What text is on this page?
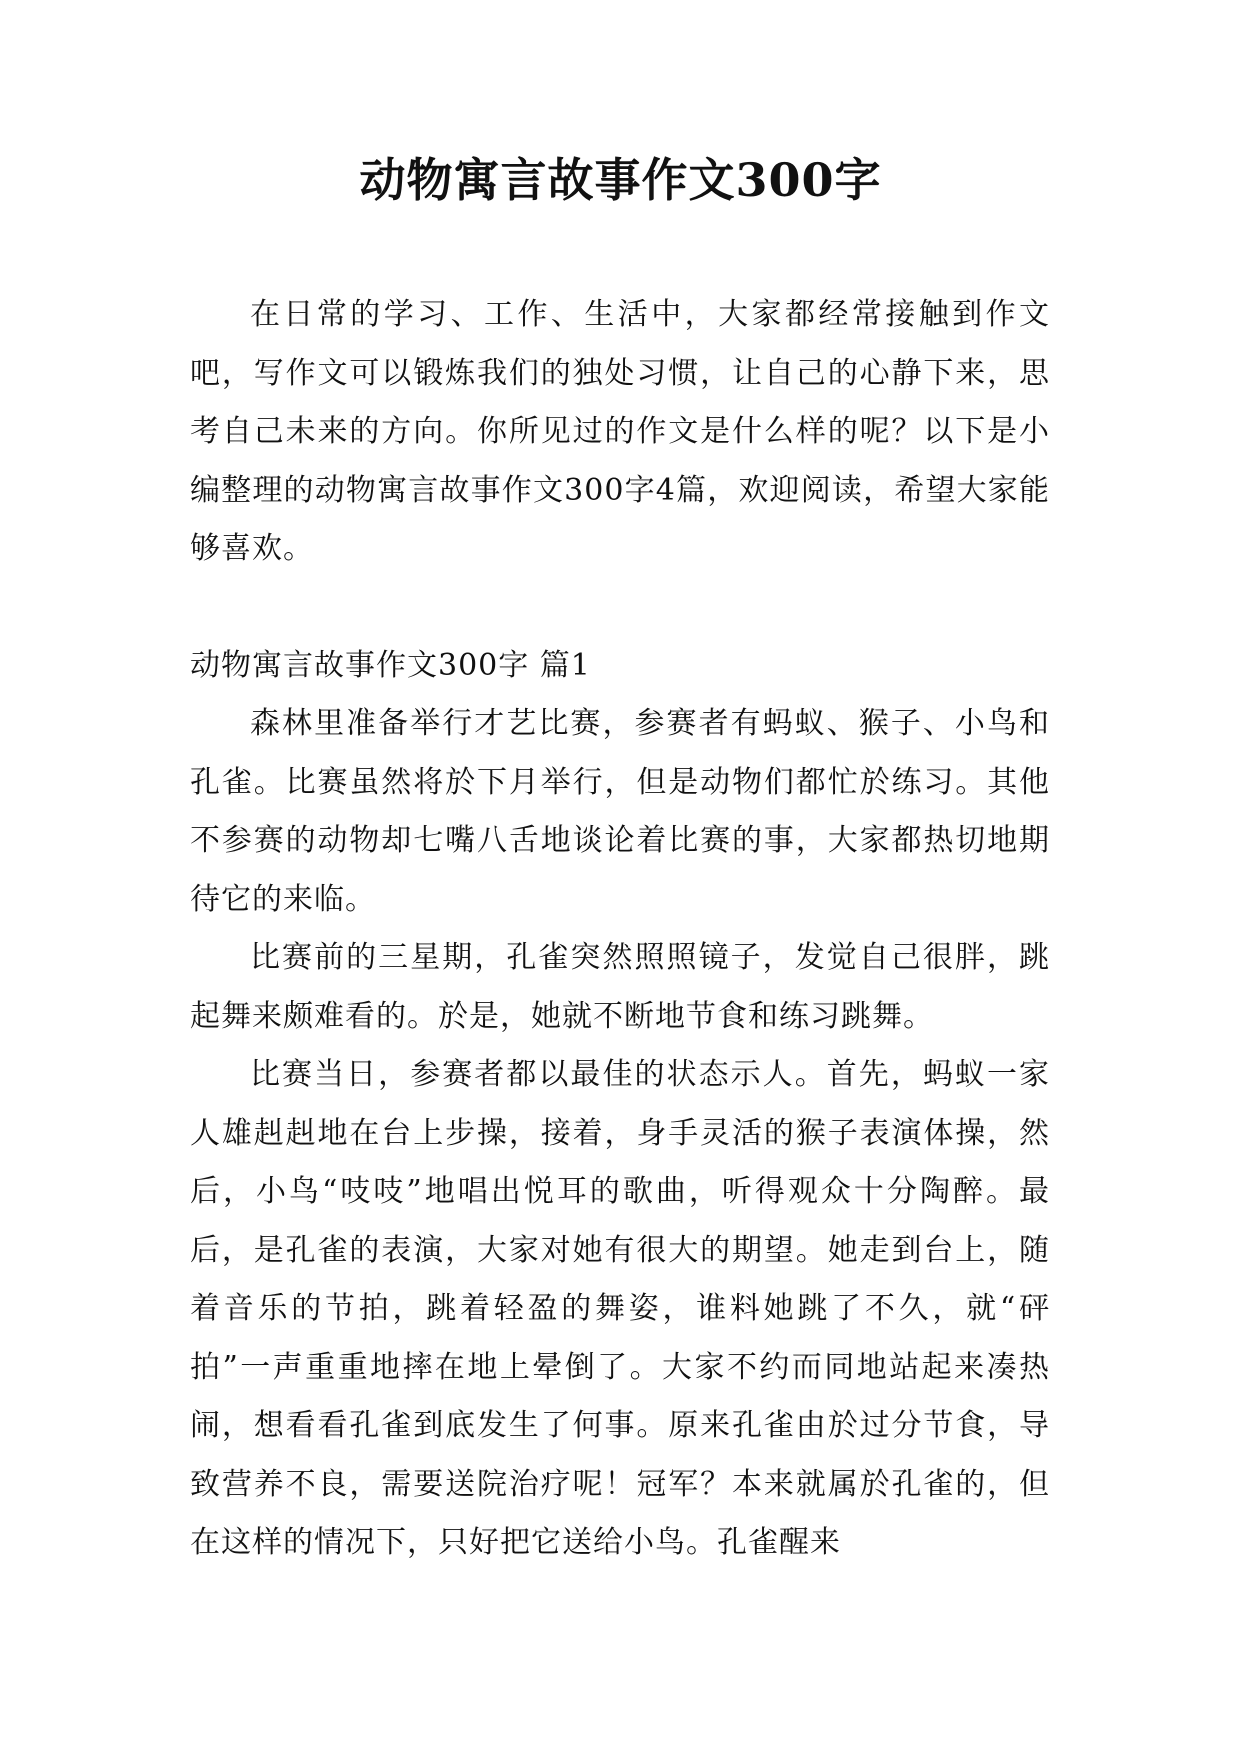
动物寓言故事作文300字

在日常的学习、工作、生活中，大家都经常接触到作文吧，写作文可以锻炼我们的独处习惯，让自己的心静下来，思考自己未来的方向。你所见过的作文是什么样的呢？以下是小编整理的动物寓言故事作文300字4篇，欢迎阅读，希望大家能够喜欢。

动物寓言故事作文300字 篇1

森林里准备举行才艺比赛，参赛者有蚂蚁、猴子、小鸟和孔雀。比赛虽然将於下月举行，但是动物们都忙於练习。其他不参赛的动物却七嘴八舌地谈论着比赛的事，大家都热切地期待它的来临。

比赛前的三星期，孔雀突然照照镜子，发觉自己很胖，跳起舞来颇难看的。於是，她就不断地节食和练习跳舞。

比赛当日，参赛者都以最佳的状态示人。首先，蚂蚁一家人雄赳赳地在台上步操，接着，身手灵活的猴子表演体操，然后，小鸟“吱吱”地唱出悦耳的歌曲，听得观众十分陶醉。最后，是孔雀的表演，大家对她有很大的期望。她走到台上，随着音乐的节拍，跳着轻盈的舞姿，谁料她跳了不久，就“砰拍”一声重重地摔在地上晕倒了。大家不约而同地站起来凑热闹，想看看孔雀到底发生了何事。原来孔雀由於过分节食，导致营养不良，需要送院治疗呢！冠军？本来就属於孔雀的，但在这样的情况下，只好把它送给小鸟。孔雀醒来
